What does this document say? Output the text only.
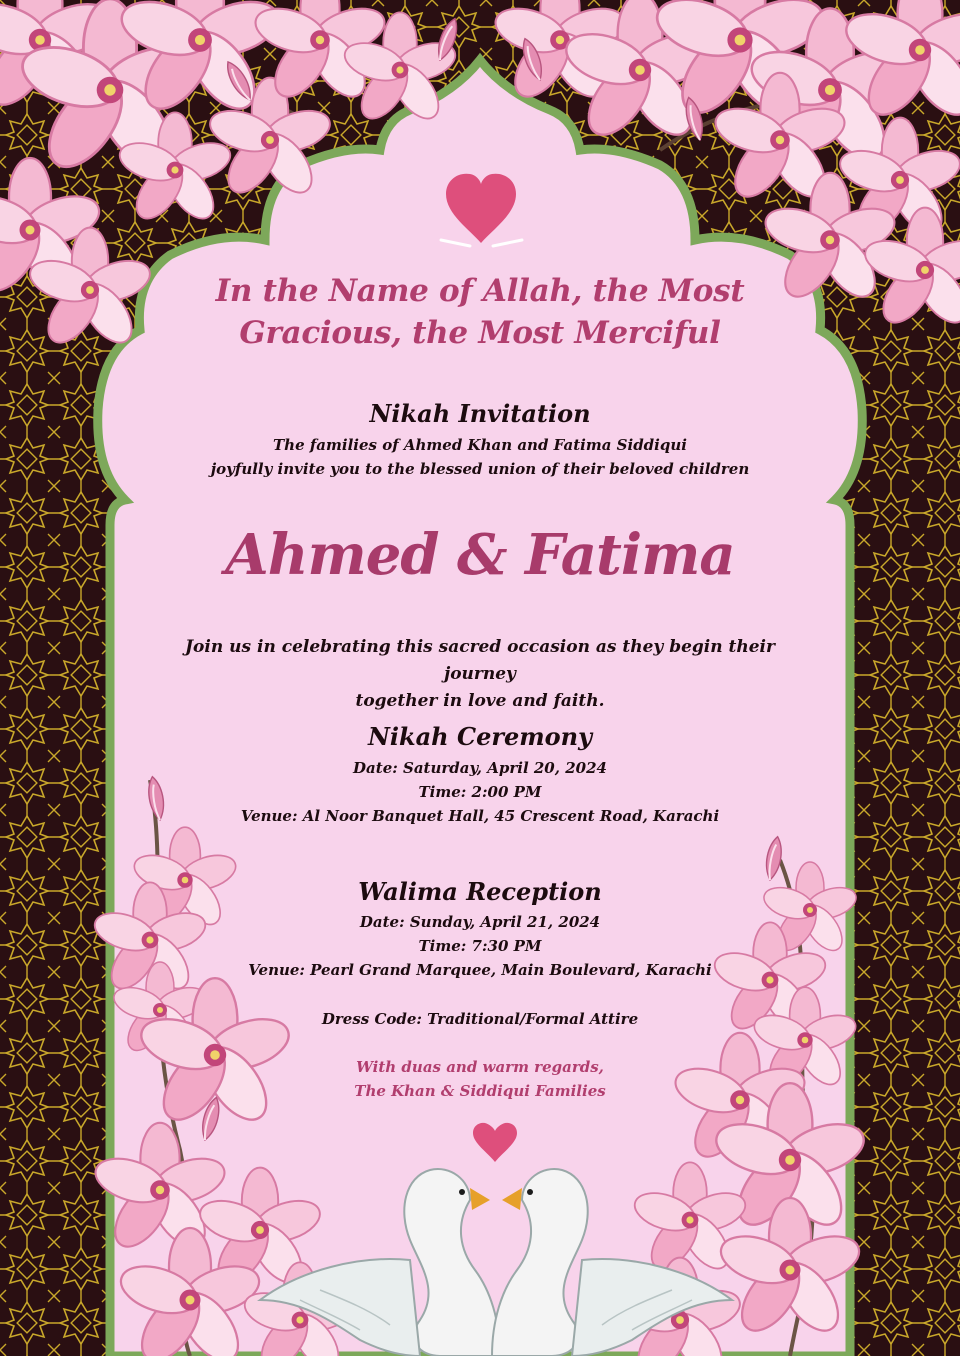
In the Name of Allah, the Most
Gracious, the Most Merciful
Nikah Invitation
The families of Ahmed Khan and Fatima Siddiqui
joyfully invite you to the blessed union of their beloved children
Ahmed & Fatima
Join us in celebrating this sacred occasion as they begin their journey
together in love and faith.
Nikah Ceremony
Date: Saturday, April 20, 2024
Time: 2:00 PM
Venue: Al Noor Banquet Hall, 45 Crescent Road, Karachi
Walima Reception
Date: Sunday, April 21, 2024
Time: 7:30 PM
Venue: Pearl Grand Marquee, Main Boulevard, Karachi
Dress Code: Traditional/Formal Attire
With duas and warm regards,
The Khan & Siddiqui Families
